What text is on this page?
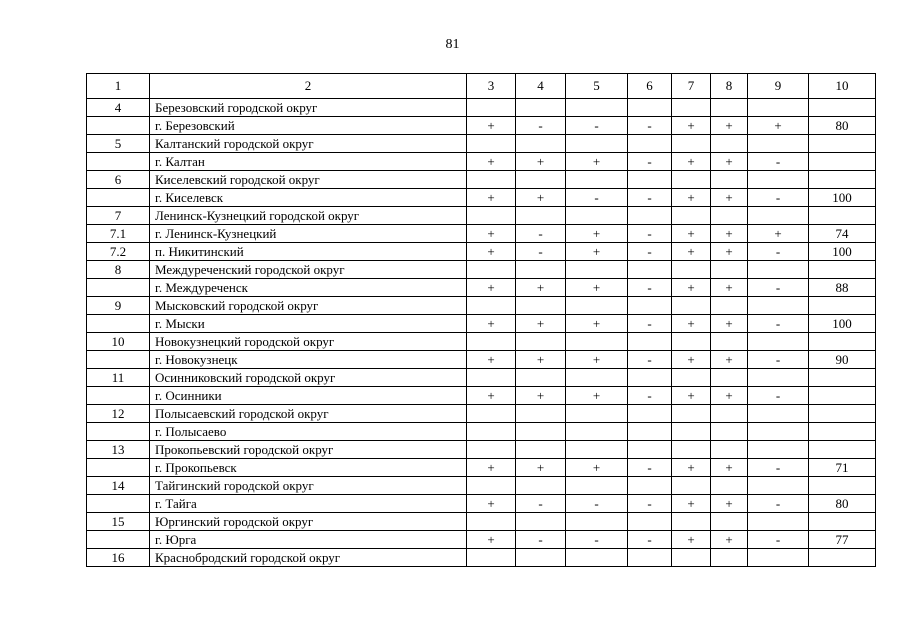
81
1	2	3	4	5	6	7	8	9	10
4	Березовский городской округ								
	г. Березовский	+	-	-	-	+	+	+	80
5	Калтанский городской округ								
	г. Калтан	+	+	+	-	+	+	-	
6	Киселевский городской округ								
	г. Киселевск	+	+	-	-	+	+	-	100
7	Ленинск-Кузнецкий городской округ								
7.1	г. Ленинск-Кузнецкий	+	-	+	-	+	+	+	74
7.2	п. Никитинский	+	-	+	-	+	+	-	100
8	Междуреченский городской округ								
	г. Междуреченск	+	+	+	-	+	+	-	88
9	Мысковский городской округ								
	г. Мыски	+	+	+	-	+	+	-	100
10	Новокузнецкий городской округ								
	г. Новокузнецк	+	+	+	-	+	+	-	90
11	Осинниковский городской округ								
	г. Осинники	+	+	+	-	+	+	-	
12	Полысаевский городской округ								
	г. Полысаево								
13	Прокопьевский городской округ								
	г. Прокопьевск	+	+	+	-	+	+	-	71
14	Тайгинский городской округ								
	г. Тайга	+	-	-	-	+	+	-	80
15	Юргинский городской округ								
	г. Юрга	+	-	-	-	+	+	-	77
16	Краснобродский городской округ								
